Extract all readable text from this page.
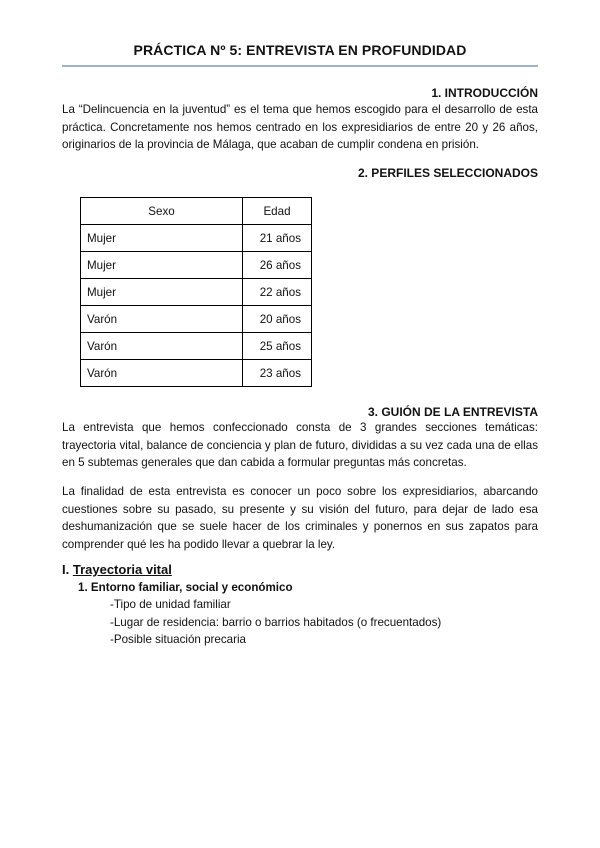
PRÁCTICA Nº 5: ENTREVISTA EN PROFUNDIDAD
1. INTRODUCCIÓN

La “Delincuencia en la juventud” es el tema que hemos escogido para el desarrollo de esta práctica. Concretamente nos hemos centrado en los expresidiarios de entre 20 y 26 años, originarios de la provincia de Málaga, que acaban de cumplir condena en prisión.

2. PERFILES SELECCIONADOS
Sexo	Edad
Mujer	21 años
Mujer	26 años
Mujer	22 años
Varón	20 años
Varón	25 años
Varón	23 años
3. GUIÓN DE LA ENTREVISTA

La entrevista que hemos confeccionado consta de 3 grandes secciones temáticas: trayectoria vital, balance de conciencia y plan de futuro, divididas a su vez cada una de ellas en 5 subtemas generales que dan cabida a formular preguntas más concretas.

La finalidad de esta entrevista es conocer un poco sobre los expresidiarios, abarcando cuestiones sobre su pasado, su presente y su visión del futuro, para dejar de lado esa deshumanización que se suele hacer de los criminales y ponernos en sus zapatos para comprender qué les ha podido llevar a quebrar la ley.

I. Trayectoria vital
1. Entorno familiar, social y económico
-Tipo de unidad familiar
-Lugar de residencia: barrio o barrios habitados (o frecuentados)
-Posible situación precaria
